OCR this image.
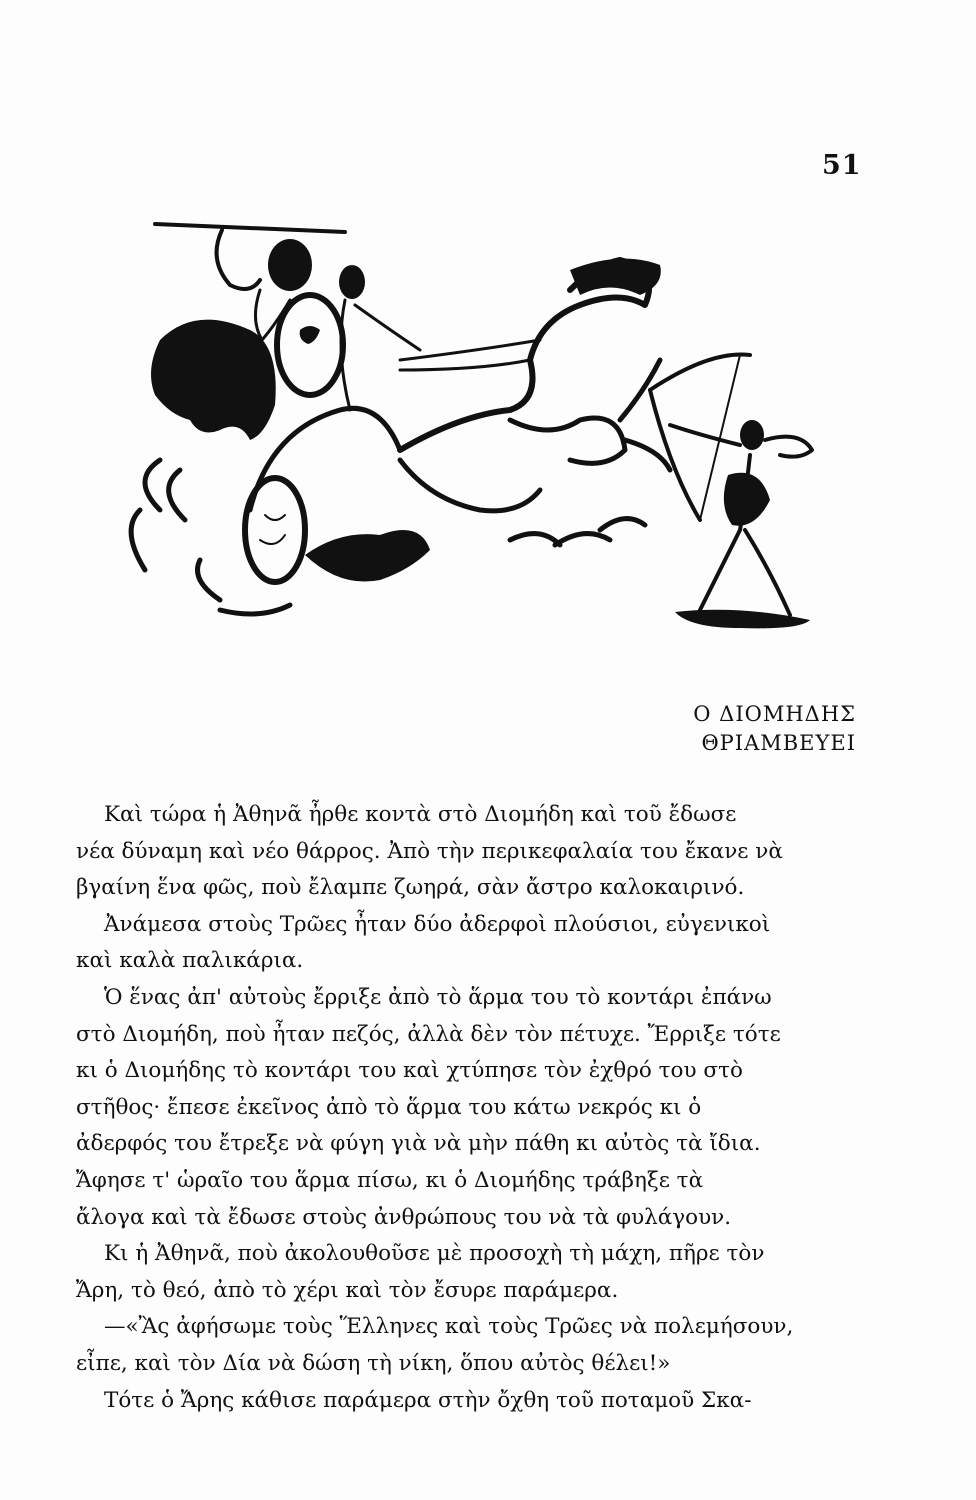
51
Ο ΔΙΟΜΗΔΗΣ
ΘΡΙΑΜΒΕΥΕΙ

Καὶ τώρα ἡ Ἀθηνᾶ ἦρθε κοντὰ στὸ Διομήδη καὶ τοῦ ἔδωσε

νέα δύναμη καὶ νέο θάρρος. Ἀπὸ τὴν περικεφαλαία του ἔκανε νὰ

βγαίνη ἕνα φῶς, ποὺ ἔλαμπε ζωηρά, σὰν ἄστρο καλοκαιρινό.

Ἀνάμεσα στοὺς Τρῶες ἦταν δύο ἀδερφοὶ πλούσιοι, εὐγενικοὶ

καὶ καλὰ παλικάρια.

Ὁ ἕνας ἀπ' αὐτοὺς ἔρριξε ἀπὸ τὸ ἅρμα του τὸ κοντάρι ἐπάνω

στὸ Διομήδη, ποὺ ἦταν πεζός, ἀλλὰ δὲν τὸν πέτυχε. Ἔρριξε τότε

κι ὁ Διομήδης τὸ κοντάρι του καὶ χτύπησε τὸν ἐχθρό του στὸ

στῆθος· ἔπεσε ἐκεῖνος ἀπὸ τὸ ἅρμα του κάτω νεκρός κι ὁ

ἀδερφός του ἔτρεξε νὰ φύγη γιὰ νὰ μὴν πάθη κι αὐτὸς τὰ ἴδια.

Ἄφησε τ' ὡραῖο του ἅρμα πίσω, κι ὁ Διομήδης τράβηξε τὰ

ἄλογα καὶ τὰ ἔδωσε στοὺς ἀνθρώπους του νὰ τὰ φυλάγουν.

Κι ἡ Ἀθηνᾶ, ποὺ ἀκολουθοῦσε μὲ προσοχὴ τὴ μάχη, πῆρε τὸν

Ἄρη, τὸ θεό, ἀπὸ τὸ χέρι καὶ τὸν ἔσυρε παράμερα.

—«Ἂς ἀφήσωμε τοὺς Ἕλληνες καὶ τοὺς Τρῶες νὰ πολεμήσουν,

εἶπε, καὶ τὸν Δία νὰ δώση τὴ νίκη, ὅπου αὐτὸς θέλει!»

Τότε ὁ Ἄρης κάθισε παράμερα στὴν ὄχθη τοῦ ποταμοῦ Σκα-
